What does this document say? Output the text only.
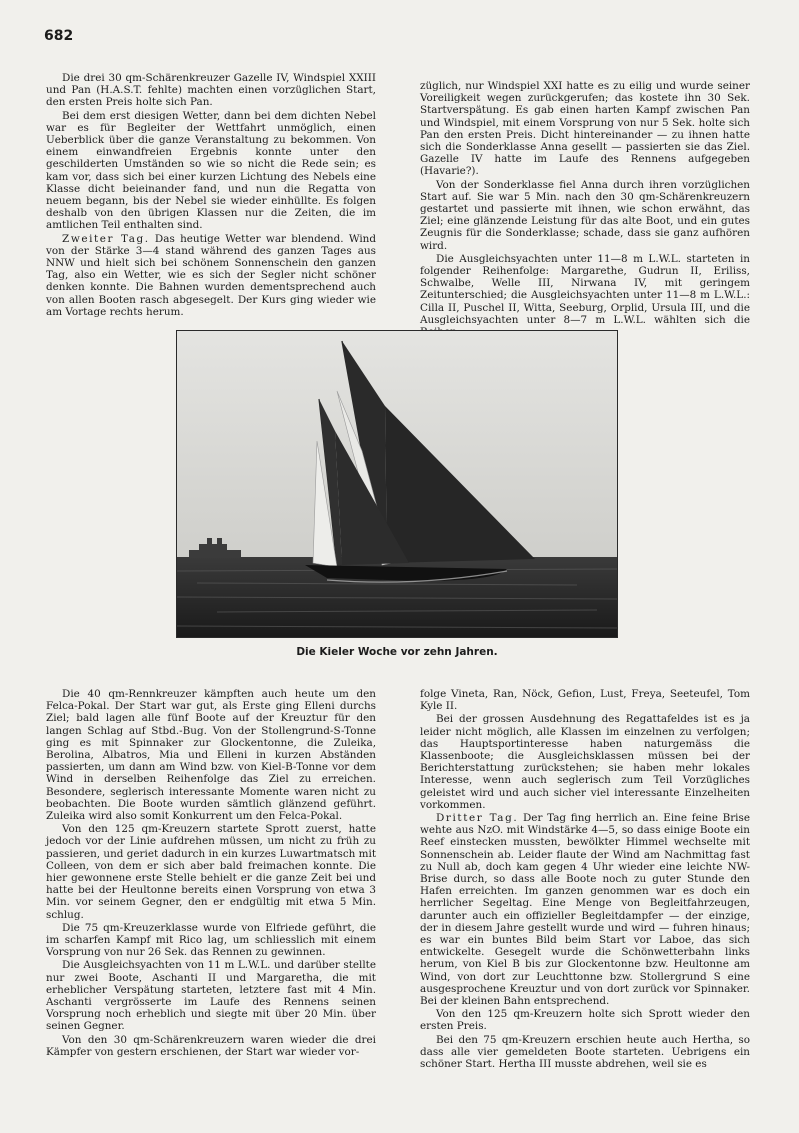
682

Die drei 30 qm-Schärenkreuzer Gazelle IV, Windspiel XXIII und Pan (H.A.S.T. fehlte) machten einen vorzüglichen Start, den ersten Preis holte sich Pan.

Bei dem erst diesigen Wetter, dann bei dem dichten Nebel war es für Begleiter der Wettfahrt unmöglich, einen Ueberblick über die ganze Veranstaltung zu bekommen. Von einem einwandfreien Ergebnis konnte unter den geschilderten Umständen so wie so nicht die Rede sein; es kam vor, dass sich bei einer kurzen Lichtung des Nebels eine Klasse dicht beieinander fand, und nun die Regatta von neuem begann, bis der Nebel sie wieder einhüllte. Es folgen deshalb von den übrigen Klassen nur die Zeiten, die im amtlichen Teil enthalten sind.

Zweiter Tag. Das heutige Wetter war blendend. Wind von der Stärke 3—4 stand während des ganzen Tages aus NNW und hielt sich bei schönem Sonnenschein den ganzen Tag, also ein Wetter, wie es sich der Segler nicht schöner denken konnte. Die Bahnen wurden dementsprechend auch von allen Booten rasch abgesegelt. Der Kurs ging wieder wie am Vortage rechts herum.

züglich, nur Windspiel XXI hatte es zu eilig und wurde seiner Voreiligkeit wegen zurückgerufen; das kostete ihn 30 Sek. Startverspätung. Es gab einen harten Kampf zwischen Pan und Windspiel, mit einem Vorsprung von nur 5 Sek. holte sich Pan den ersten Preis. Dicht hintereinander — zu ihnen hatte sich die Sonderklasse Anna gesellt — passierten sie das Ziel. Gazelle IV hatte im Laufe des Rennens aufgegeben (Havarie?).

Von der Sonderklasse fiel Anna durch ihren vorzüglichen Start auf. Sie war 5 Min. nach den 30 qm-Schärenkreuzern gestartet und passierte mit ihnen, wie schon erwähnt, das Ziel; eine glänzende Leistung für das alte Boot, und ein gutes Zeugnis für die Sonderklasse; schade, dass sie ganz aufhören wird.

Die Ausgleichsyachten unter 11—8 m L.W.L. starteten in folgender Reihenfolge: Margarethe, Gudrun II, Eriliss, Schwalbe, Welle III, Nirwana IV, mit geringem Zeitunterschied; die Ausgleichsyachten unter 11—8 m L.W.L.: Cilla II, Puschel II, Witta, Seeburg, Orplid, Ursula III, und die Ausgleichsyachten unter 8—7 m L.W.L. wählten sich die

Die Kieler Woche vor zehn Jahren.

Die 40 qm-Rennkreuzer kämpften auch heute um den Felca-Pokal. Der Start war gut, als Erste ging Elleni durchs Ziel; bald lagen alle fünf Boote auf der Kreuztur für den langen Schlag auf Stbd.-Bug. Von der Stollengrund-S-Tonne ging es mit Spinnaker zur Glockentonne, die Zuleika, Berolina, Albatros, Mia und Elleni in kurzen Abständen passierten, um dann am Wind bzw. von Kiel-B-Tonne vor dem Wind in derselben Reihenfolge das Ziel zu erreichen. Besondere, seglerisch interessante Momente waren nicht zu beobachten. Die Boote wurden sämtlich glänzend geführt. Zuleika wird also somit Konkurrent um den Felca-Pokal.

Von den 125 qm-Kreuzern startete Sprott zuerst, hatte jedoch vor der Linie aufdrehen müssen, um nicht zu früh zu passieren, und geriet dadurch in ein kurzes Luwartmatsch mit Colleen, von dem er sich aber bald freimachen konnte. Die hier gewonnene erste Stelle behielt er die ganze Zeit bei und hatte bei der Heultonne bereits einen Vorsprung von etwa 3 Min. vor seinem Gegner, den er endgültig mit etwa 5 Min. schlug.

Die 75 qm-Kreuzerklasse wurde von Elfriede geführt, die im scharfen Kampf mit Rico lag, um schliesslich mit einem Vorsprung von nur 26 Sek. das Rennen zu gewinnen.

Die Ausgleichsyachten von 11 m L.W.L. und darüber stellte nur zwei Boote, Aschanti II und Margaretha, die mit erheblicher Verspätung starteten, letztere fast mit 4 Min. Aschanti vergrösserte im Laufe des Rennens seinen Vorsprung noch erheblich und siegte mit über 20 Min. über seinen Gegner.

Von den 30 qm-Schärenkreuzern waren wieder die drei Kämpfer von gestern erschienen, der Start war wieder vor-

folge Vineta, Ran, Nöck, Gefion, Lust, Freya, Seeteufel, Tom Kyle II.

Bei der grossen Ausdehnung des Regattafeldes ist es ja leider nicht möglich, alle Klassen im einzelnen zu verfolgen; das Hauptsportinteresse haben naturgemäss die Klassenboote; die Ausgleichsklassen müssen bei der Berichterstattung zurückstehen; sie haben mehr lokales Interesse, wenn auch seglerisch zum Teil Vorzügliches geleistet wird und auch sicher viel interessante Einzelheiten vorkommen.

Dritter Tag. Der Tag fing herrlich an. Eine feine Brise wehte aus NzO. mit Windstärke 4—5, so dass einige Boote ein Reef einstecken mussten, bewölkter Himmel wechselte mit Sonnenschein ab. Leider flaute der Wind am Nachmittag fast zu Null ab, doch kam gegen 4 Uhr wieder eine leichte NW-Brise durch, so dass alle Boote noch zu guter Stunde den Hafen erreichten. Im ganzen genommen war es doch ein herrlicher Segeltag. Eine Menge von Begleitfahrzeugen, darunter auch ein offizieller Begleitdampfer — der einzige, der in diesem Jahre gestellt wurde und wird — fuhren hinaus; es war ein buntes Bild beim Start vor Laboe, das sich entwickelte. Gesegelt wurde die Schönwetterbahn links herum, von Kiel B bis zur Glockentonne bzw. Heultonne am Wind, von dort zur Leuchttonne bzw. Stollergrund S eine ausgesprochene Kreuztur und von dort zurück vor Spinnaker. Bei der kleinen Bahn entsprechend.

Von den 125 qm-Kreuzern holte sich Sprott wieder den ersten Preis.

Bei den 75 qm-Kreuzern erschien heute auch Hertha, so dass alle vier gemeldeten Boote starteten. Uebrigens ein schöner Start. Hertha III musste abdrehen, weil sie es
